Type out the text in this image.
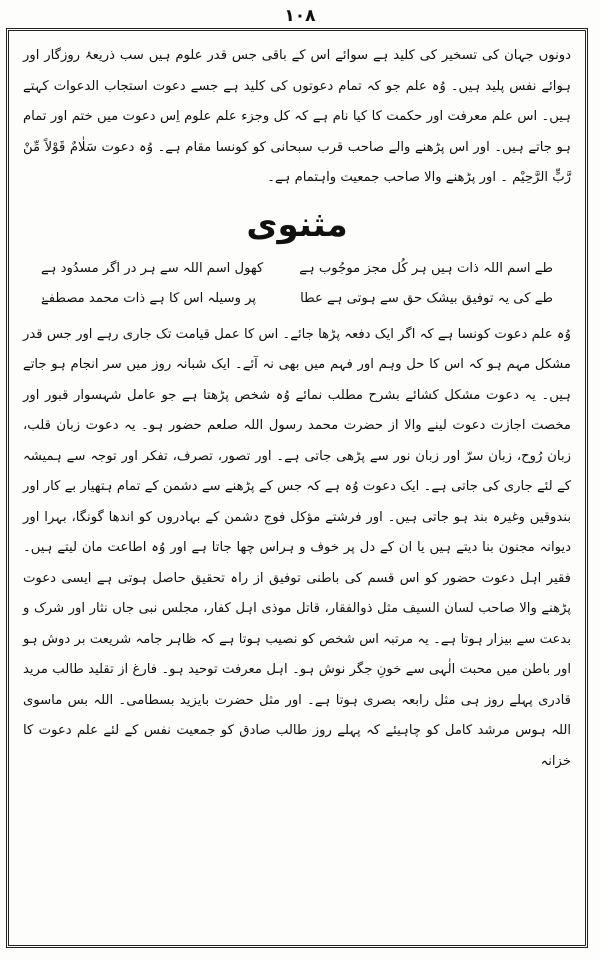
۱۰۸

دونوں جہان کی تسخیر کی کلید ہے سوائے اس کے باقی جس قدر علوم ہیں سب ذریعۂ روزگار اور ہوائے نفس پلید ہیں۔ وُہ علم جو کہ تمام دعوتوں کی کلید ہے جسے دعوت استجاب الدعوات کہتے ہیں۔ اس علم معرفت اور حکمت کا کیا نام ہے کہ کل وجزء علم علوم اِس دعوت میں ختم اور تمام ہو جاتے ہیں۔ اور اس پڑھنے والے صاحب قرب سبحانی کو کونسا مقام ہے۔ وُہ دعوت سَلٰامٌ قَوْلاً مِّنْ رَّبٍّ الرَّحِیْم ۔ اور پڑھنے والا صاحب جمعیت واہتمام ہے۔

مثنوی
طے اسم اللہ ذات ہیں ہر کُل مجز موجُوب ہے
کھول اسم اللہ سے ہر در اگر مسدُود ہے
طے کی یہ توفیق بیشک حق سے ہوتی ہے عطا
پر وسیلہ اس کا ہے ذات محمد مصطفےٰ

وُہ علم دعوت کونسا ہے کہ اگر ایک دفعہ پڑھا جائے۔ اس کا عمل قیامت تک جاری رہے اور جس قدر مشکل مہم ہو کہ اس کا حل وہم اور فہم میں بھی نہ آئے۔ ایک شبانہ روز میں سر انجام ہو جاتے ہیں۔ یہ دعوت مشکل کشائے بشرح مطلب نمائے وُہ شخص پڑھتا ہے جو عامل شہسوار قبور اور مخصت اجازت دعوت لینے والا از حضرت محمد رسول اللہ صلعم حضور ہو۔ یہ دعوت زبان قلب، زبان رُوح، زبان سرّ اور زبان نور سے پڑھی جاتی ہے۔ اور تصور، تصرف، تفکر اور توجہ سے ہمیشہ کے لئے جاری کی جاتی ہے۔ ایک دعوت وُہ ہے کہ جس کے پڑھنے سے دشمن کے تمام ہتھیار بے کار اور بندوقیں وغیرہ بند ہو جاتی ہیں۔ اور فرشتے مؤکل فوج دشمن کے بہادروں کو اندھا گونگا، بہرا اور دیوانہ مجنون بنا دیتے ہیں یا ان کے دل پر خوف و ہراس چھا جاتا ہے اور وُہ اطاعت مان لیتے ہیں۔ فقیر اہل دعوت حضور کو اس قسم کی باطنی توفیق از راہ تحقیق حاصل ہوتی ہے ایسی دعوت پڑھنے والا صاحب لسان السیف مثل ذوالفقار، قاتل موذی اہل کفار، مجلس نبی جاں نثار اور شرک و بدعت سے بیزار ہوتا ہے۔ یہ مرتبہ اس شخص کو نصیب ہوتا ہے کہ ظاہر جامہ شریعت بر دوش ہو اور باطن میں محبت الٰہی سے خونِ جگر نوش ہو۔ اہل معرفت توحید ہو۔ فارغ از تقلید طالب مرید قادری پہلے روز ہی مثل رابعہ بصری ہوتا ہے۔ اور مثل حضرت بایزید بسطامی۔ اللہ بس ماسوی اللہ ہوس مرشد کامل کو چاہیئے کہ پہلے روز طالب صادق کو جمعیت نفس کے لئے علم دعوت کا خزانہ
